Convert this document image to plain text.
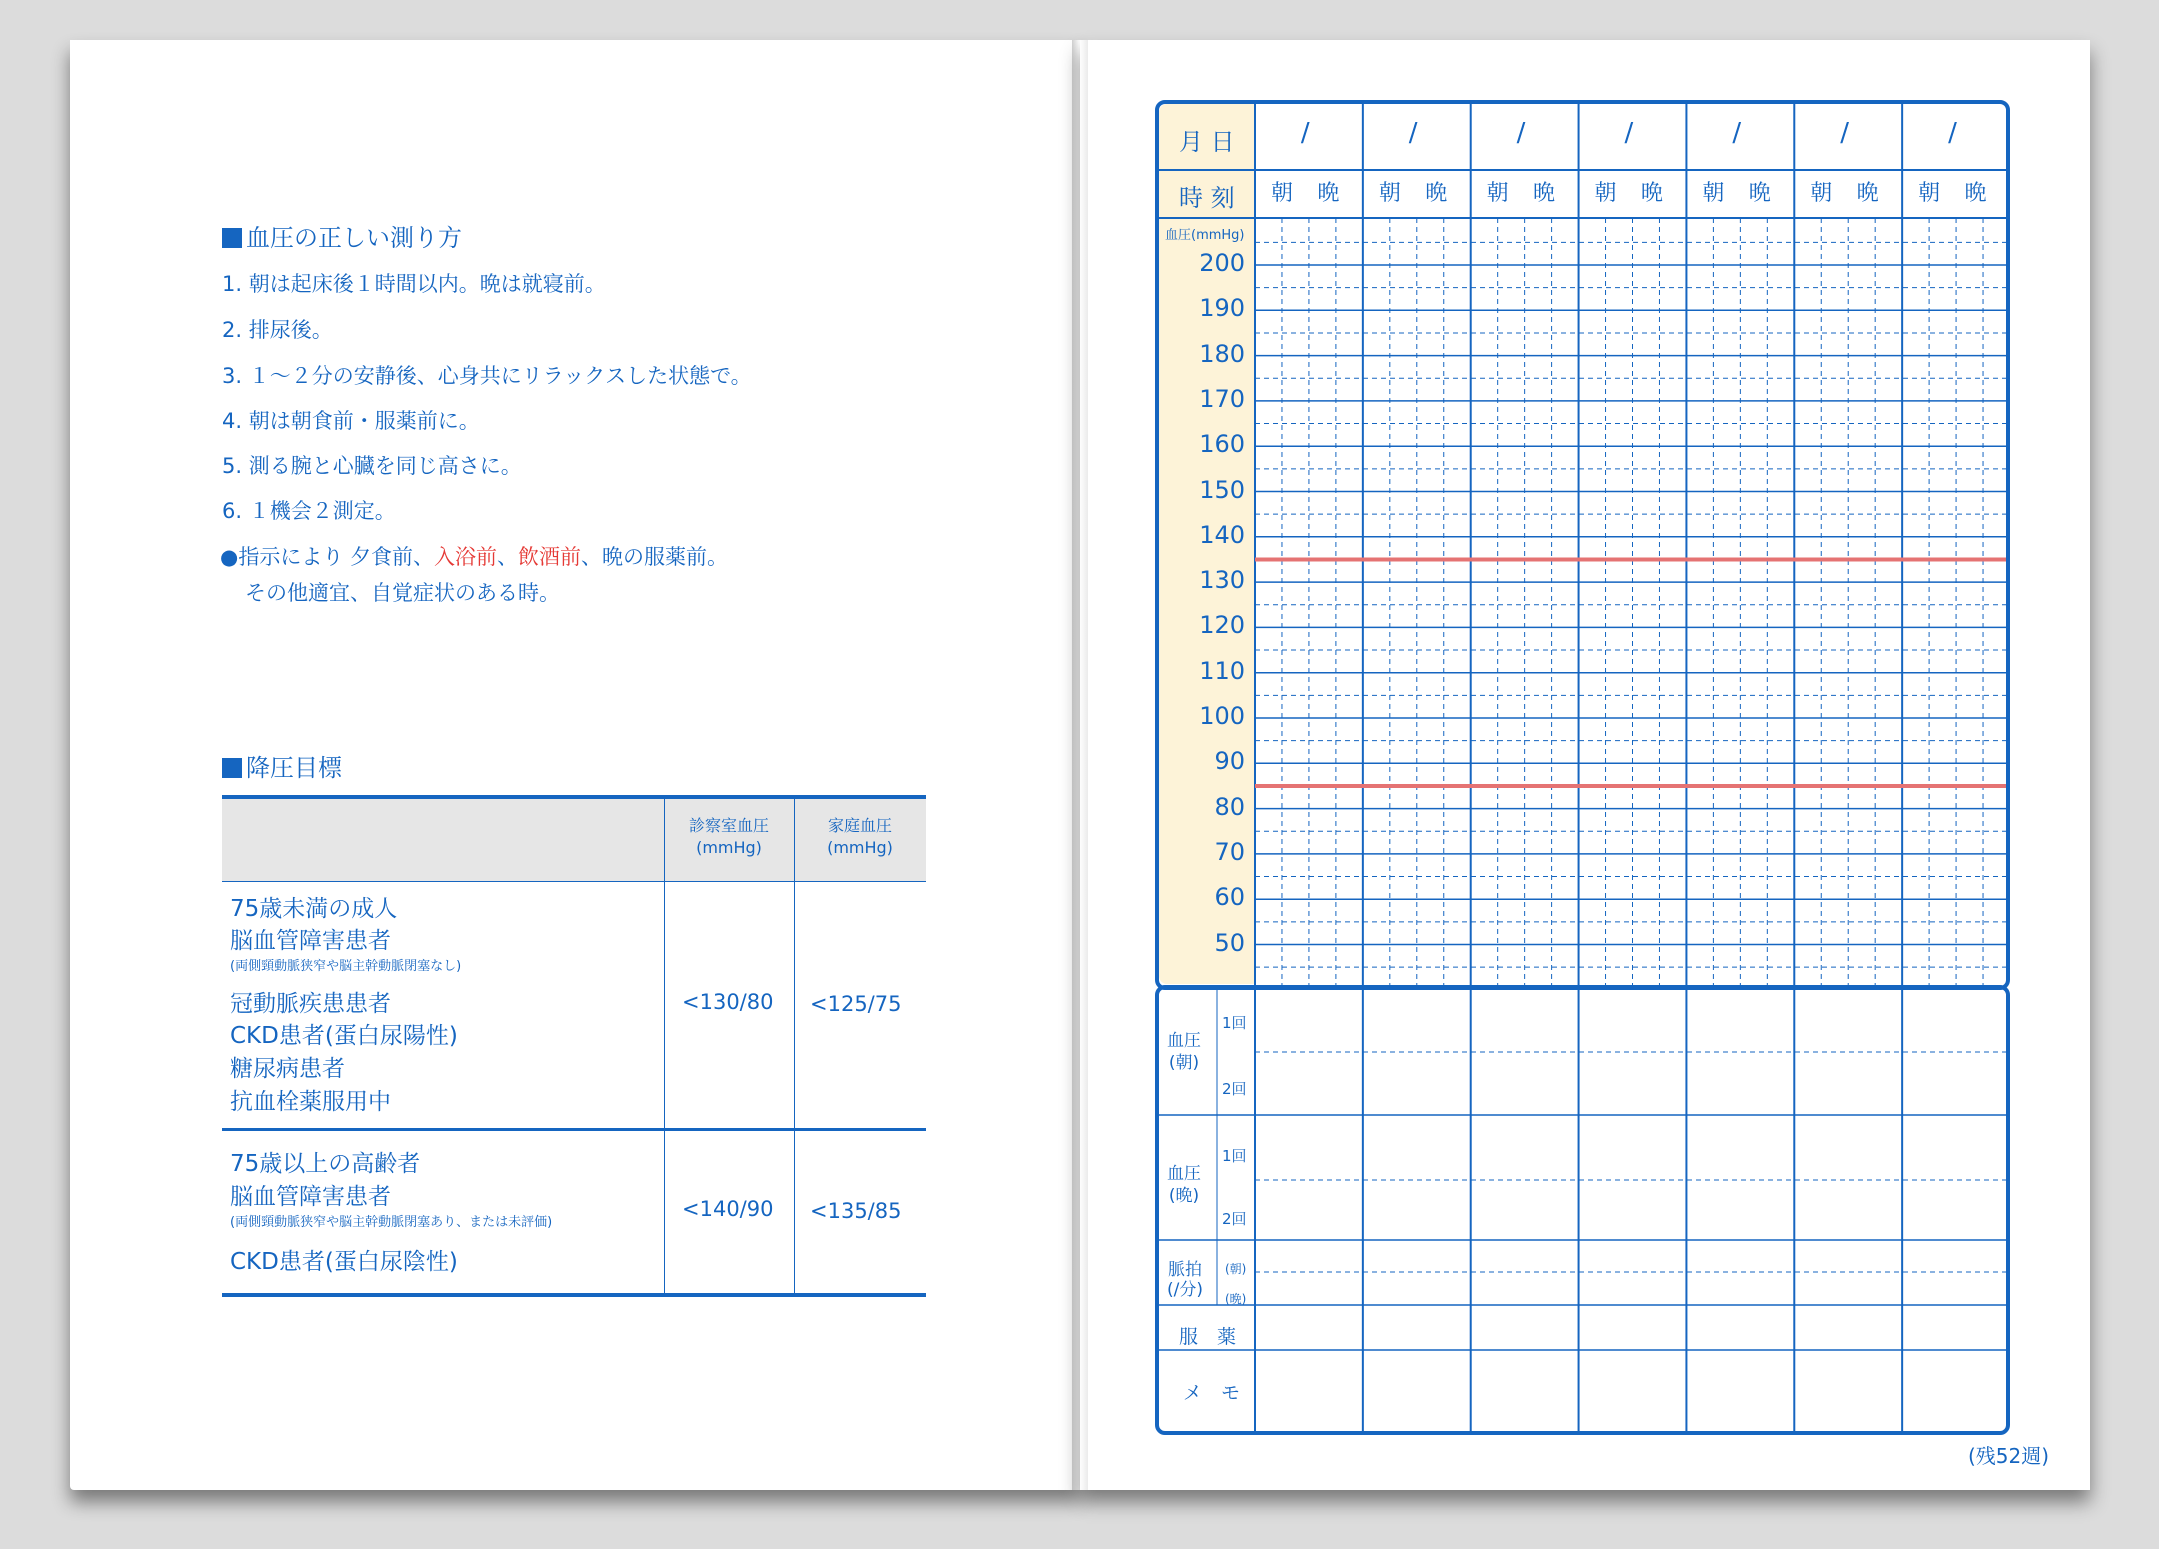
血圧の正しい測り方
1. 朝は起床後１時間以内。晩は就寝前。
2. 排尿後。
3. １～２分の安静後、心身共にリラックスした状態で。
4. 朝は朝食前・服薬前に。
5. 測る腕と心臓を同じ高さに。
6. １機会２測定。
●指示により 夕食前、入浴前、飲酒前、晩の服薬前。
その他適宜、自覚症状のある時。
降圧目標
診察室血圧
(mmHg)
家庭血圧
(mmHg)
75歳未満の成人
脳血管障害患者
(両側頸動脈狭窄や脳主幹動脈閉塞なし)
冠動脈疾患患者
CKD患者(蛋白尿陽性)
糖尿病患者
抗血栓薬服用中
<130/80 <125/75
75歳以上の高齢者
脳血管障害患者
(両側頸動脈狭窄や脳主幹動脈閉塞あり、または未評価)
CKD患者(蛋白尿陰性)
<140/90 <135/85
月 日
時 刻
血圧(mmHg)
200
190
180
170
160
150
140
130
120
110
100
90
80
70
60
50
/
朝 晩
/
朝 晩
/
朝 晩
/
朝 晩
/
朝 晩
/
朝 晩
/
朝 晩
血圧
(朝)
1回
2回
血圧
(晩)
1回
2回
脈拍
(/分)
(朝)
(晩)
服　薬
メ　モ
(残52週)
